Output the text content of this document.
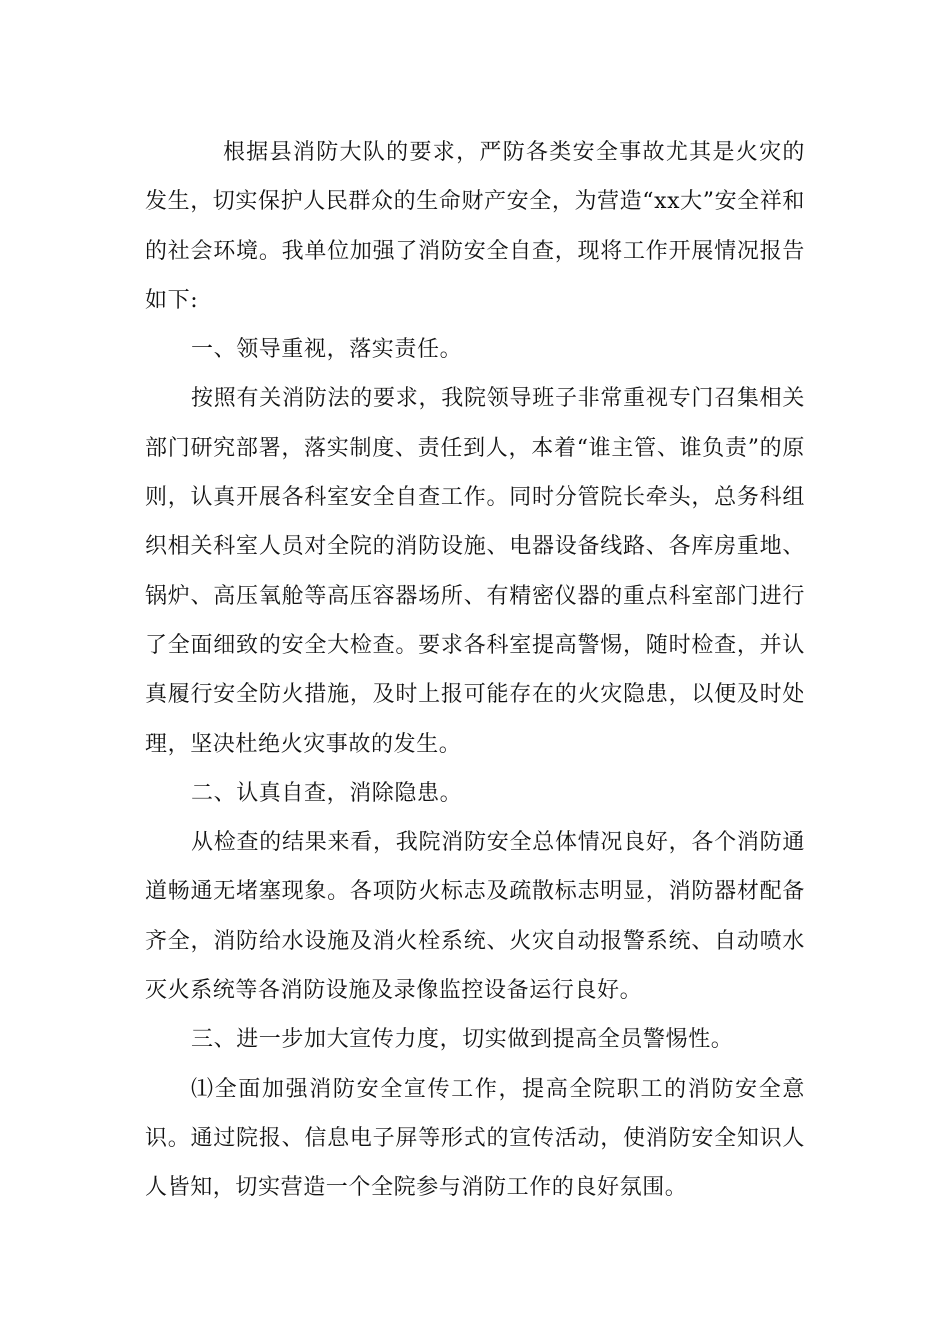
根据县消防大队的要求，严防各类安全事故尤其是火灾的发生，切实保护人民群众的生命财产安全，为营造“xx大”安全祥和的社会环境。我单位加强了消防安全自查，现将工作开展情况报告如下:

一、领导重视，落实责任。

按照有关消防法的要求，我院领导班子非常重视专门召集相关部门研究部署，落实制度、责任到人，本着“谁主管、谁负责”的原则，认真开展各科室安全自查工作。同时分管院长牵头，总务科组织相关科室人员对全院的消防设施、电器设备线路、各库房重地、锅炉、高压氧舱等高压容器场所、有精密仪器的重点科室部门进行了全面细致的安全大检查。要求各科室提高警惕，随时检查，并认真履行安全防火措施，及时上报可能存在的火灾隐患，以便及时处理，坚决杜绝火灾事故的发生。

二、认真自查，消除隐患。

从检查的结果来看，我院消防安全总体情况良好，各个消防通道畅通无堵塞现象。各项防火标志及疏散标志明显，消防器材配备齐全，消防给水设施及消火栓系统、火灾自动报警系统、自动喷水灭火系统等各消防设施及录像监控设备运行良好。

三、进一步加大宣传力度，切实做到提高全员警惕性。

⑴全面加强消防安全宣传工作，提高全院职工的消防安全意识。通过院报、信息电子屏等形式的宣传活动，使消防安全知识人人皆知，切实营造一个全院参与消防工作的良好氛围。
